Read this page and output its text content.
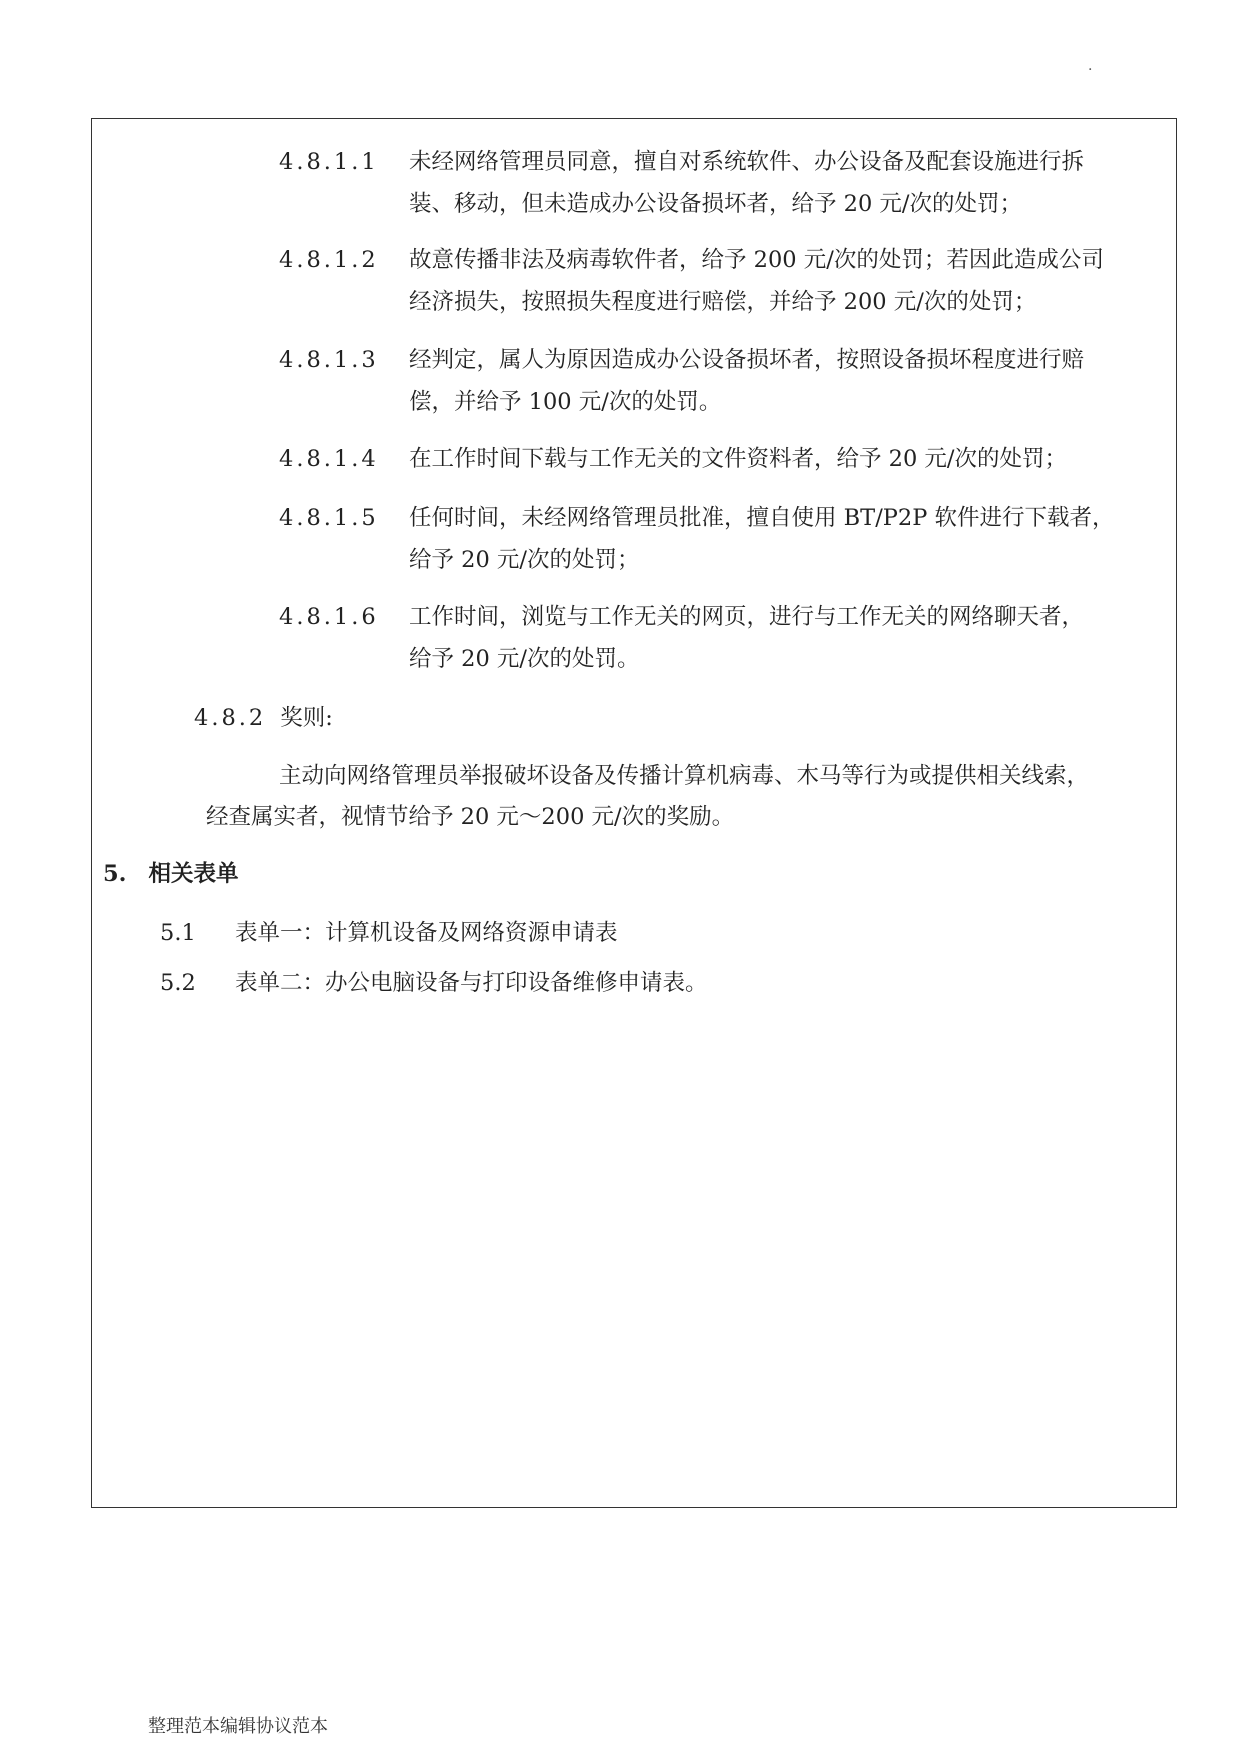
.
4.8.1.1 未经网络管理员同意，擅自对系统软件、办公设备及配套设施进行拆
装、移动，但未造成办公设备损坏者，给予 20 元/次的处罚；
4.8.1.2 故意传播非法及病毒软件者，给予 200 元/次的处罚；若因此造成公司
经济损失，按照损失程度进行赔偿，并给予 200 元/次的处罚；
4.8.1.3 经判定，属人为原因造成办公设备损坏者，按照设备损坏程度进行赔
偿，并给予 100 元/次的处罚。
4.8.1.4 在工作时间下载与工作无关的文件资料者，给予 20 元/次的处罚；
4.8.1.5 任何时间，未经网络管理员批准，擅自使用 BT/P2P 软件进行下载者，
给予 20 元/次的处罚；
4.8.1.6 工作时间，浏览与工作无关的网页，进行与工作无关的网络聊天者，
给予 20 元/次的处罚。
4.8.2 奖则:
主动向网络管理员举报破坏设备及传播计算机病毒、木马等行为或提供相关线索，
经查属实者，视情节给予 20 元～200 元/次的奖励。
5. 相关表单
5.1 表单一：计算机设备及网络资源申请表
5.2 表单二：办公电脑设备与打印设备维修申请表。
整理范本编辑协议范本
